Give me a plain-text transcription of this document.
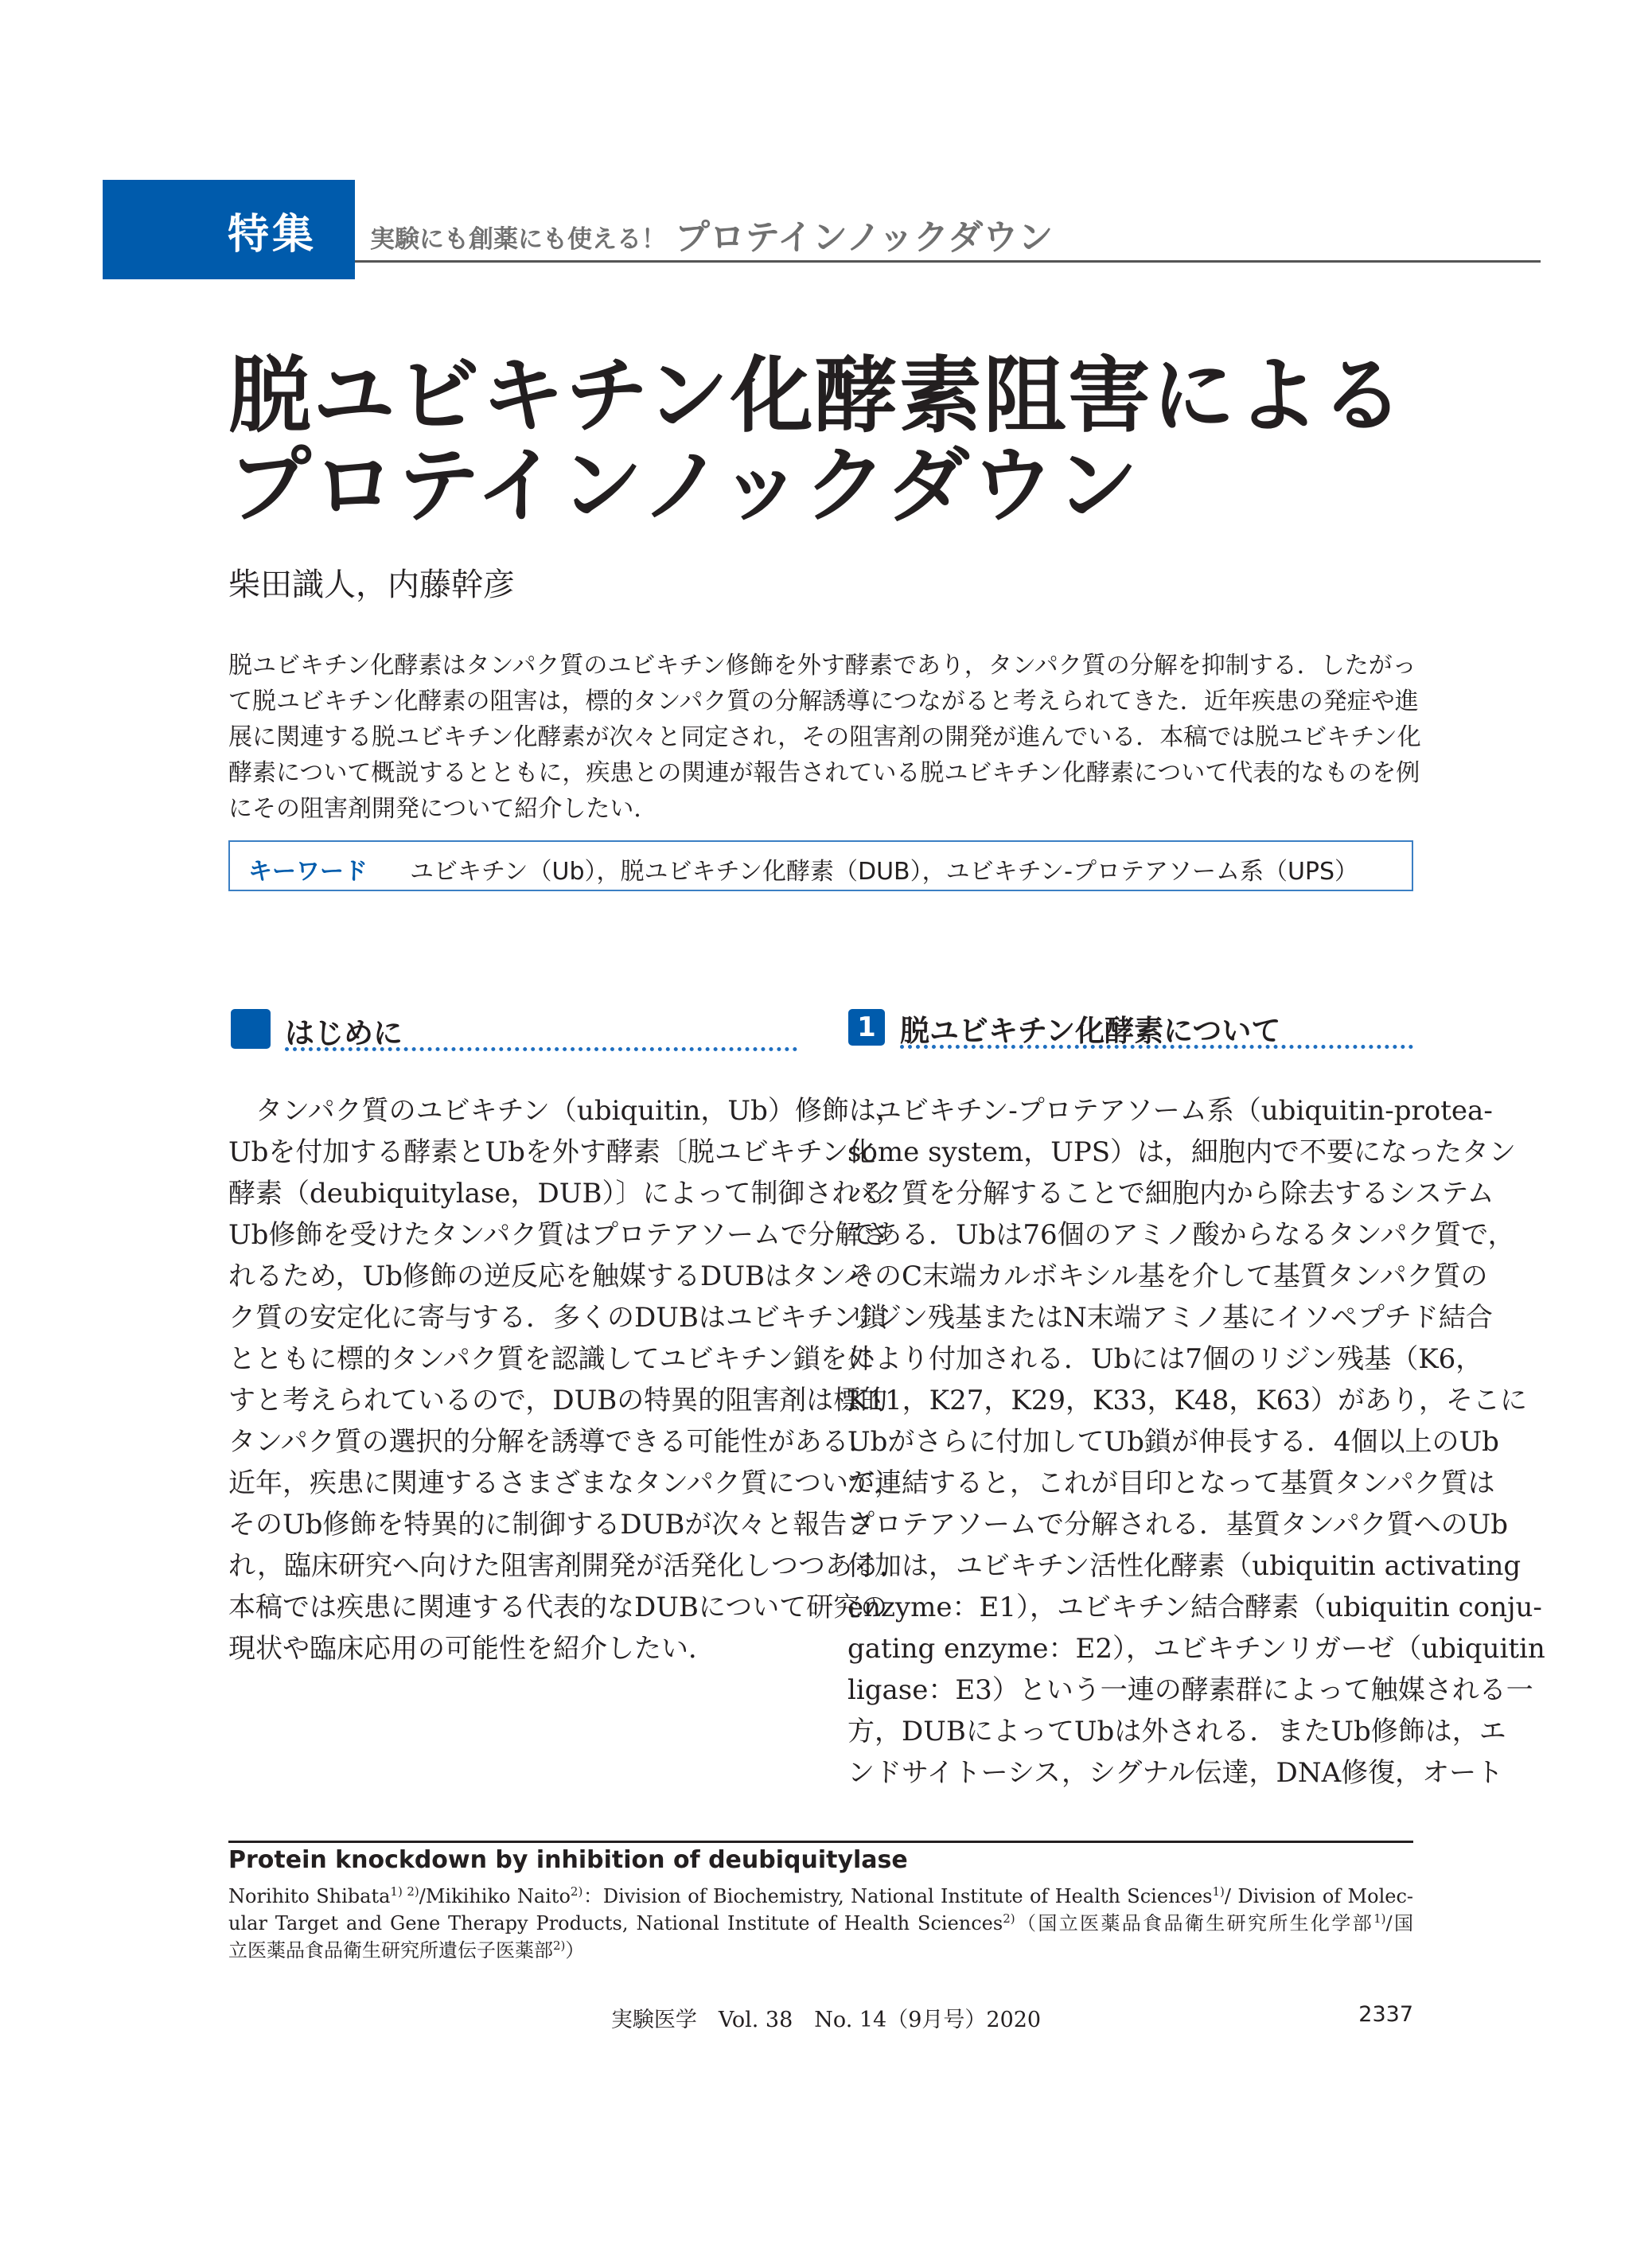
特集 実験にも創薬にも使える！ プロテインノックダウン
脱ユビキチン化酵素阻害による
プロテインノックダウン
柴田識人，内藤幹彦
脱ユビキチン化酵素はタンパク質のユビキチン修飾を外す酵素であり，タンパク質の分解を抑制する．したがっ
て脱ユビキチン化酵素の阻害は，標的タンパク質の分解誘導につながると考えられてきた．近年疾患の発症や進
展に関連する脱ユビキチン化酵素が次々と同定され，その阻害剤の開発が進んでいる．本稿では脱ユビキチン化
酵素について概説するとともに，疾患との関連が報告されている脱ユビキチン化酵素について代表的なものを例
にその阻害剤開発について紹介したい．
キーワード ユビキチン（Ub），脱ユビキチン化酵素（DUB），ユビキチン-プロテアソーム系（UPS）
はじめに
タンパク質のユビキチン（ubiquitin，Ub）修飾は，
Ubを付加する酵素とUbを外す酵素〔脱ユビキチン化
酵素（deubiquitylase，DUB）〕によって制御される．
Ub修飾を受けたタンパク質はプロテアソームで分解さ
れるため，Ub修飾の逆反応を触媒するDUBはタンパ
ク質の安定化に寄与する．多くのDUBはユビキチン鎖
とともに標的タンパク質を認識してユビキチン鎖を外
すと考えられているので，DUBの特異的阻害剤は標的
タンパク質の選択的分解を誘導できる可能性がある．
近年，疾患に関連するさまざまなタンパク質について，
そのUb修飾を特異的に制御するDUBが次々と報告さ
れ，臨床研究へ向けた阻害剤開発が活発化しつつある．
本稿では疾患に関連する代表的なDUBについて研究の
現状や臨床応用の可能性を紹介したい．
1 脱ユビキチン化酵素について
ユビキチン-プロテアソーム系（ubiquitin-protea-
some system，UPS）は，細胞内で不要になったタン
パク質を分解することで細胞内から除去するシステム
である．Ubは76個のアミノ酸からなるタンパク質で，
そのC末端カルボキシル基を介して基質タンパク質の
リジン残基またはN末端アミノ基にイソペプチド結合
により付加される．Ubには7個のリジン残基（K6，
K11，K27，K29，K33，K48，K63）があり，そこに
Ubがさらに付加してUb鎖が伸長する．4個以上のUb
が連結すると，これが目印となって基質タンパク質は
プロテアソームで分解される．基質タンパク質へのUb
付加は，ユビキチン活性化酵素（ubiquitin activating
enzyme：E1），ユビキチン結合酵素（ubiquitin conju-
gating enzyme：E2），ユビキチンリガーゼ（ubiquitin
ligase：E3）という一連の酵素群によって触媒される一
方，DUBによってUbは外される．またUb修飾は，エ
ンドサイトーシス，シグナル伝達，DNA修復，オート
Protein knockdown by inhibition of deubiquitylase
Norihito Shibata$^{1) 2)}$/Mikihiko Naito$^{2)}$：Division of Biochemistry, National Institute of Health Sciences$^{1)}$/ Division of Molec-
ular Target and Gene Therapy Products, National Institute of Health Sciences$^{2)}$（国立医薬品食品衛生研究所生化学部$^{1)}$/国
立医薬品食品衛生研究所遺伝子医薬部$^{2)}$）
実験医学　Vol. 38　No. 14（9月号）2020	2337
